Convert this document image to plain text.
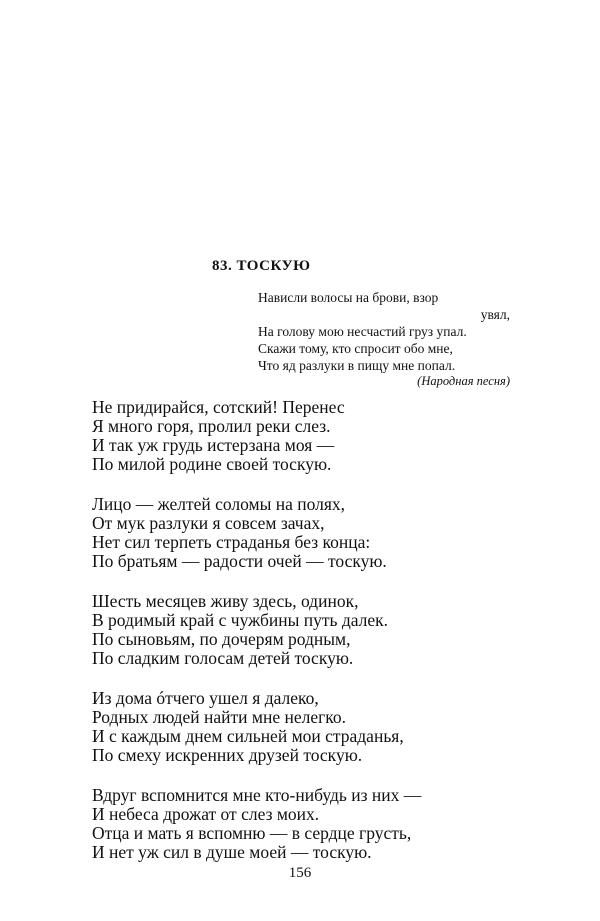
83. ТОСКУЮ
Нависли волосы на брови, взор
увял,
На голову мою несчастий груз упал.
Скажи тому, кто спросит обо мне,
Что яд разлуки в пищу мне попал.
(Народная песня)
Не придирайся, сотский! Перенес
Я много горя, пролил реки слез.
И так уж грудь истерзана моя —
По милой родине своей тоскую.
Лицо — желтей соломы на полях,
От мук разлуки я совсем зачах,
Нет сил терпеть страданья без конца:
По братьям — радости очей — тоскую.
Шесть месяцев живу здесь, одинок,
В родимый край с чужбины путь далек.
По сыновьям, по дочерям родным,
По сладким голосам детей тоскую.
Из дома óтчего ушел я далеко,
Родных людей найти мне нелегко.
И с каждым днем сильней мои страданья,
По смеху искренних друзей тоскую.
Вдруг вспомнится мне кто-нибудь из них —
И небеса дрожат от слез моих.
Отца и мать я вспомню — в сердце грусть,
И нет уж сил в душе моей — тоскую.
156
